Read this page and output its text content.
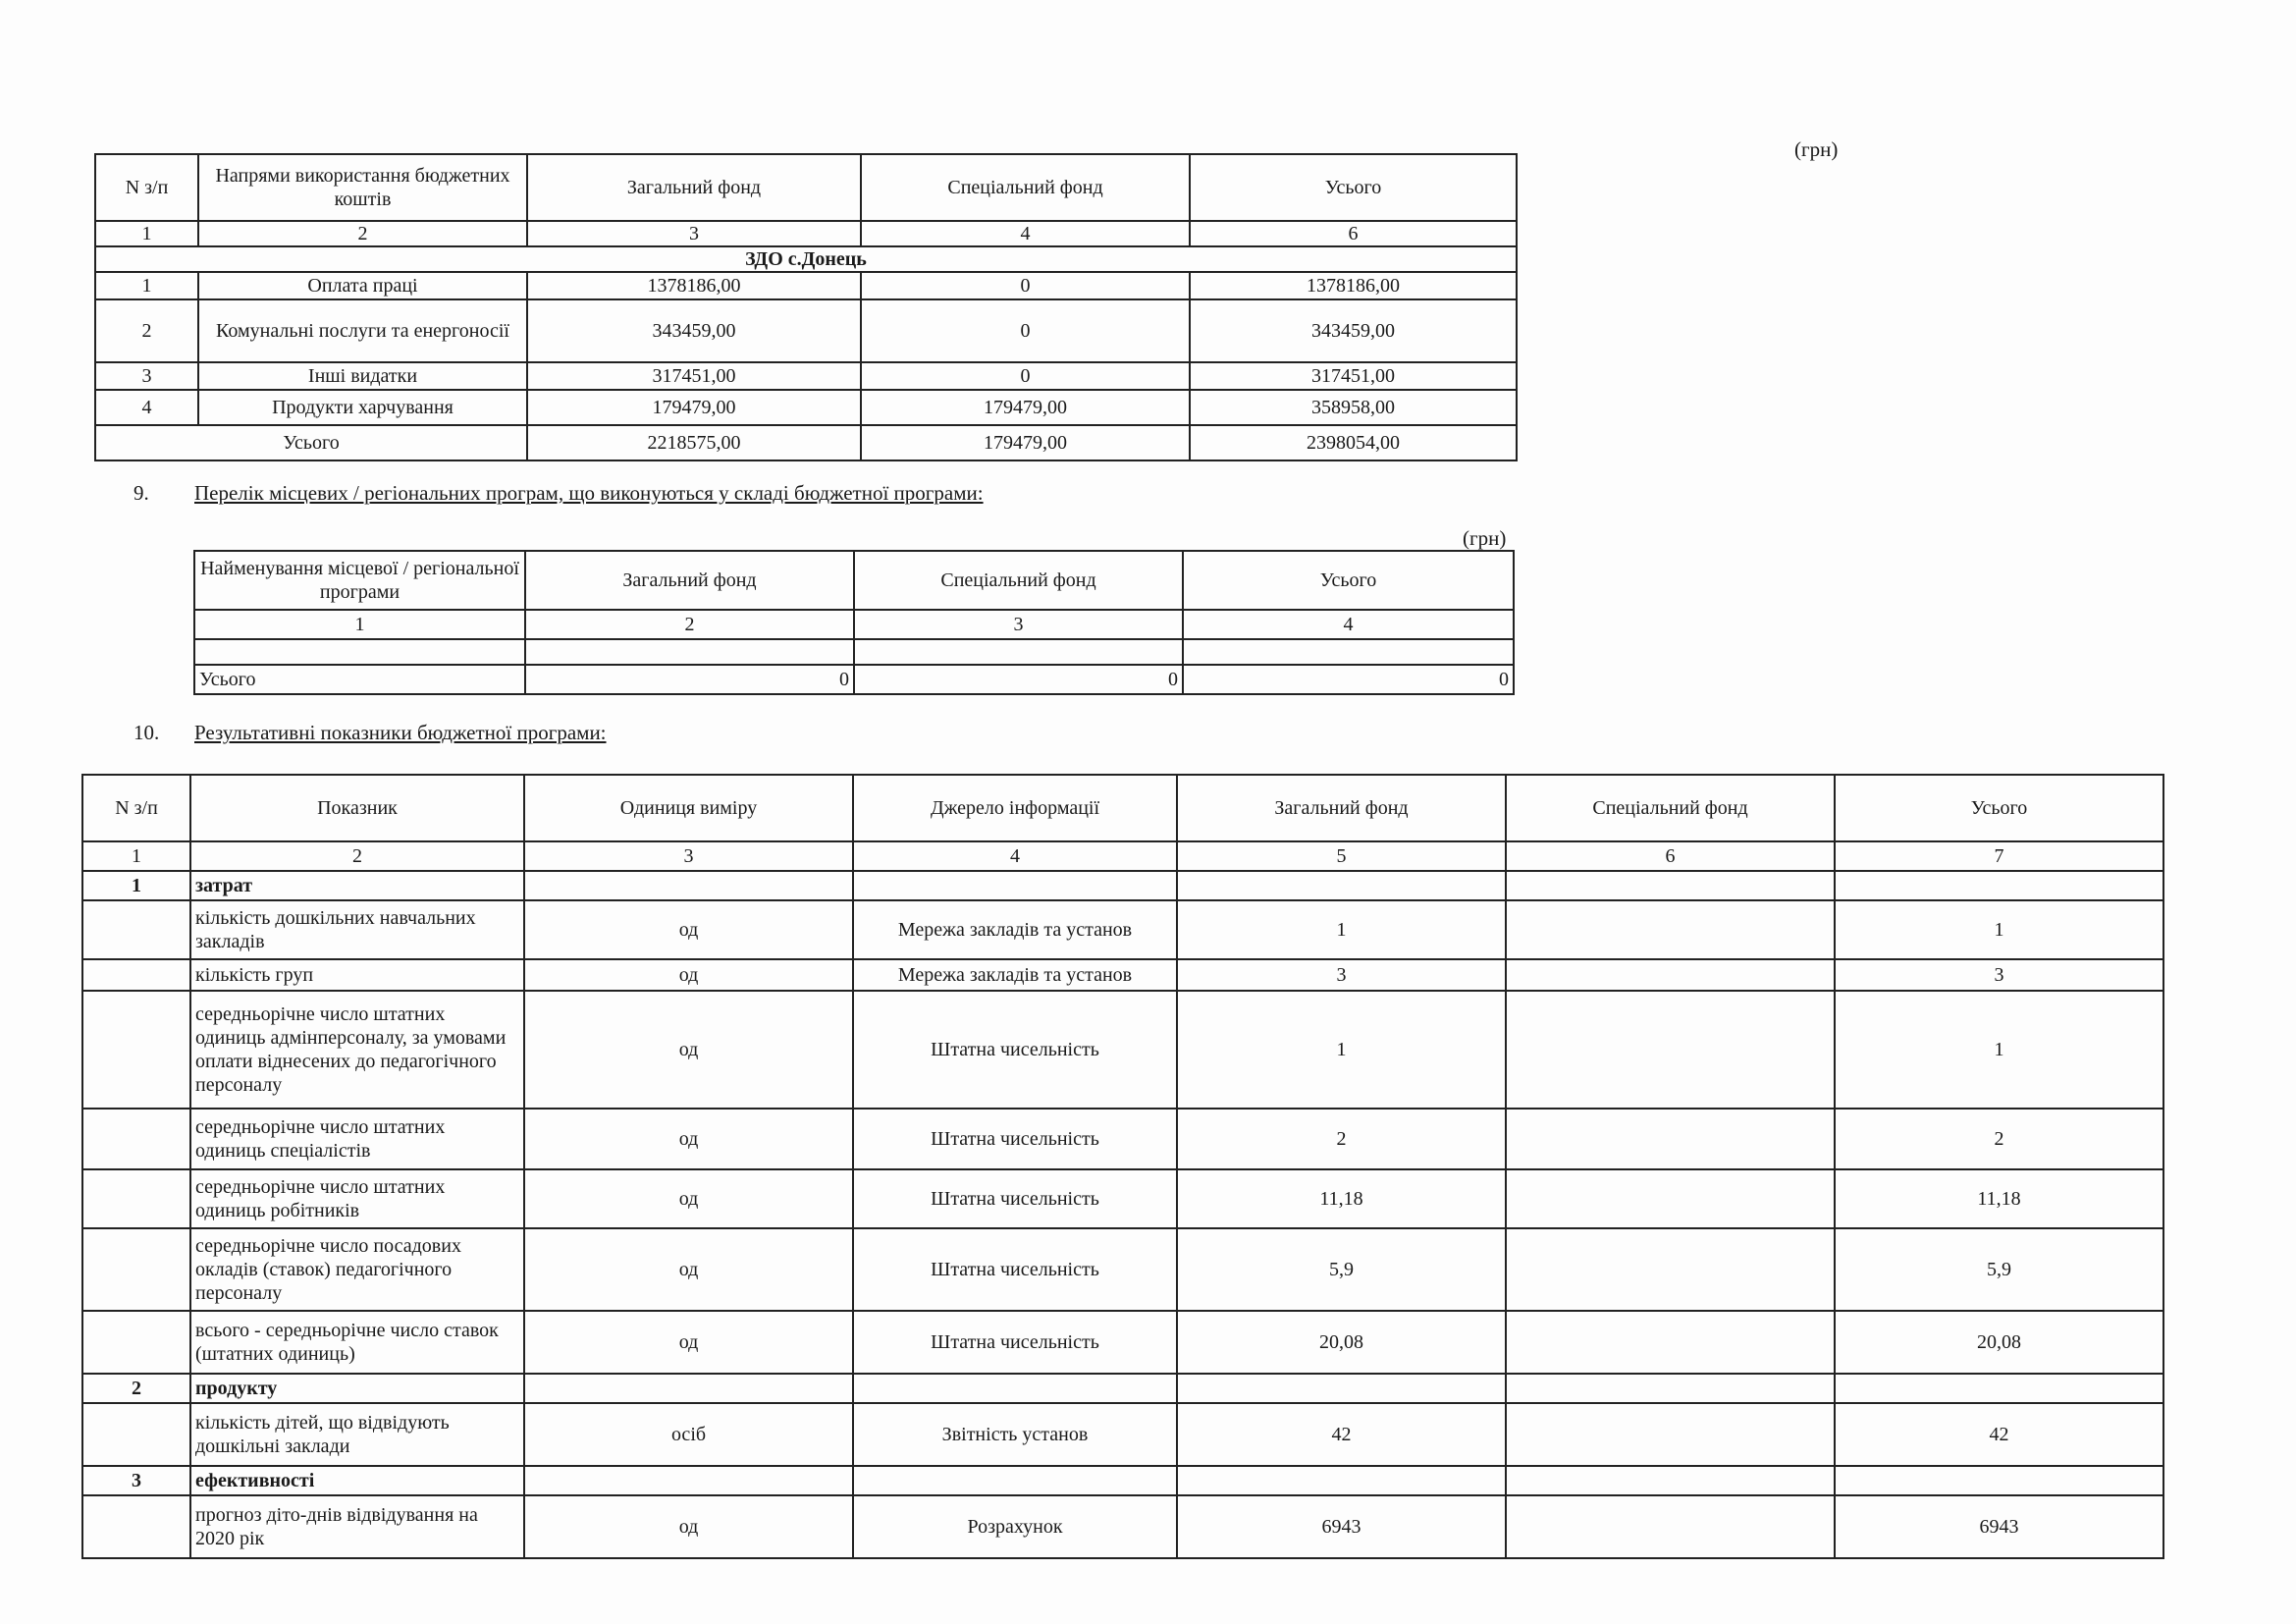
(грн)
N з/п	Напрями використання бюджетних коштів	Загальний фонд	Спеціальний фонд	Усього
1	2	3	4	6
ЗДО с.Донець				
1	Оплата праці	1378186,00	0	1378186,00
2	Комунальні послуги та енергоносії	343459,00	0	343459,00
3	Інші видатки	317451,00	0	317451,00
4	Продукти харчування	179479,00	179479,00	358958,00
Усього		2218575,00	179479,00	2398054,00
9. Перелік місцевих / регіональних програм, що виконуються у складі бюджетної програми:
(грн)
Найменування місцевої / регіональної програми	Загальний фонд	Спеціальний фонд	Усього
1	2	3	4

Усього	0	0	0
10. Результативні показники бюджетної програми:
N з/п	Показник	Одиниця виміру	Джерело інформації	Загальний фонд	Спеціальний фонд	Усього
1	2	3	4	5	6	7
1	затрат					
	кількість дошкільних навчальних закладів	од	Мережа закладів та установ	1		1
	кількість груп	од	Мережа закладів та установ	3		3
	середньорічне число штатних одиниць адмінперсоналу, за умовами оплати віднесених до педагогічного персоналу	од	Штатна чисельність	1		1
	середньорічне число штатних одиниць спеціалістів	од	Штатна чисельність	2		2
	середньорічне число штатних одиниць робітників	од	Штатна чисельність	11,18		11,18
	середньорічне число посадових окладів (ставок) педагогічного персоналу	од	Штатна чисельність	5,9		5,9
	всього - середньорічне число ставок (штатних одиниць)	од	Штатна чисельність	20,08		20,08
2	продукту					
	кількість дітей, що відвідують дошкільні заклади	осіб	Звітність установ	42		42
3	ефективності					
	прогноз діто-днів відвідування на 2020 рік	од	Розрахунок	6943		6943
